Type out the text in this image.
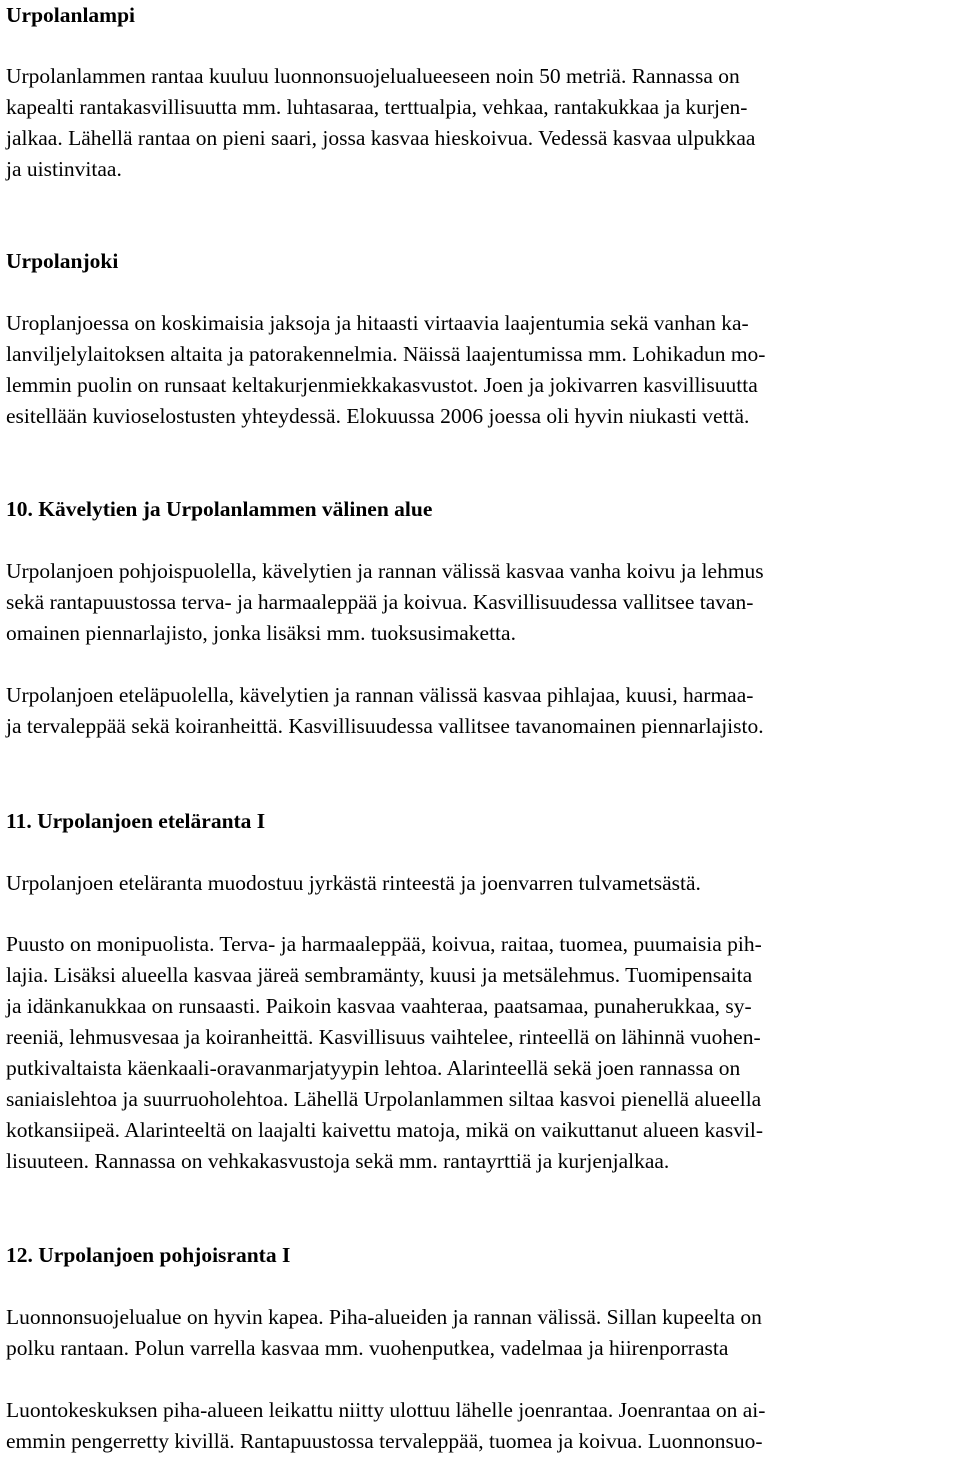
Urpolanlampi
Urpolanlammen rantaa kuuluu luonnonsuojelualueeseen noin 50 metriä. Rannassa on
kapealti rantakasvillisuutta mm. luhtasaraa, terttualpia, vehkaa, rantakukkaa ja kurjen-
jalkaa. Lähellä rantaa on pieni saari, jossa kasvaa hieskoivua. Vedessä kasvaa ulpukkaa
ja uistinvitaa.
Urpolanjoki
Uroplanjoessa on koskimaisia jaksoja ja hitaasti virtaavia laajentumia sekä vanhan ka-
lanviljelylaitoksen altaita ja patorakennelmia. Näissä laajentumissa mm. Lohikadun mo-
lemmin puolin on runsaat keltakurjenmiekkakasvustot. Joen ja jokivarren kasvillisuutta
esitellään kuvioselostusten yhteydessä. Elokuussa 2006 joessa oli hyvin niukasti vettä.
10. Kävelytien ja Urpolanlammen välinen alue
Urpolanjoen pohjoispuolella, kävelytien ja rannan välissä kasvaa vanha koivu ja lehmus
sekä rantapuustossa terva- ja harmaaleppää ja koivua. Kasvillisuudessa vallitsee tavan-
omainen piennarlajisto, jonka lisäksi mm. tuoksusimaketta.
Urpolanjoen eteläpuolella, kävelytien ja rannan välissä kasvaa pihlajaa, kuusi, harmaa-
ja tervaleppää sekä koiranheittä. Kasvillisuudessa vallitsee tavanomainen piennarlajisto.
11. Urpolanjoen eteläranta I
Urpolanjoen eteläranta muodostuu jyrkästä rinteestä ja joenvarren tulvametsästä.
Puusto on monipuolista. Terva- ja harmaaleppää, koivua, raitaa, tuomea, puumaisia pih-
lajia. Lisäksi alueella kasvaa järeä sembramänty, kuusi ja metsälehmus. Tuomipensaita
ja idänkanukkaa on runsaasti. Paikoin kasvaa vaahteraa, paatsamaa, punaherukkaa, sy-
reeniä, lehmusvesaa ja koiranheittä. Kasvillisuus vaihtelee, rinteellä on lähinnä vuohen-
putkivaltaista käenkaali-oravanmarjatyypin lehtoa. Alarinteellä sekä joen rannassa on
saniaislehtoa ja suurruoholehtoa. Lähellä Urpolanlammen siltaa kasvoi pienellä alueella
kotkansiipeä. Alarinteeltä on laajalti kaivettu matoja, mikä on vaikuttanut alueen kasvil-
lisuuteen. Rannassa on vehkakasvustoja sekä mm. rantayrttiä ja kurjenjalkaa.
12. Urpolanjoen pohjoisranta I
Luonnonsuojelualue on hyvin kapea. Piha-alueiden ja rannan välissä. Sillan kupeelta on
polku rantaan. Polun varrella kasvaa mm. vuohenputkea, vadelmaa ja hiirenporrasta
Luontokeskuksen piha-alueen leikattu niitty ulottuu lähelle joenrantaa. Joenrantaa on ai-
emmin pengerretty kivillä. Rantapuustossa tervaleppää, tuomea ja koivua. Luonnonsuo-
